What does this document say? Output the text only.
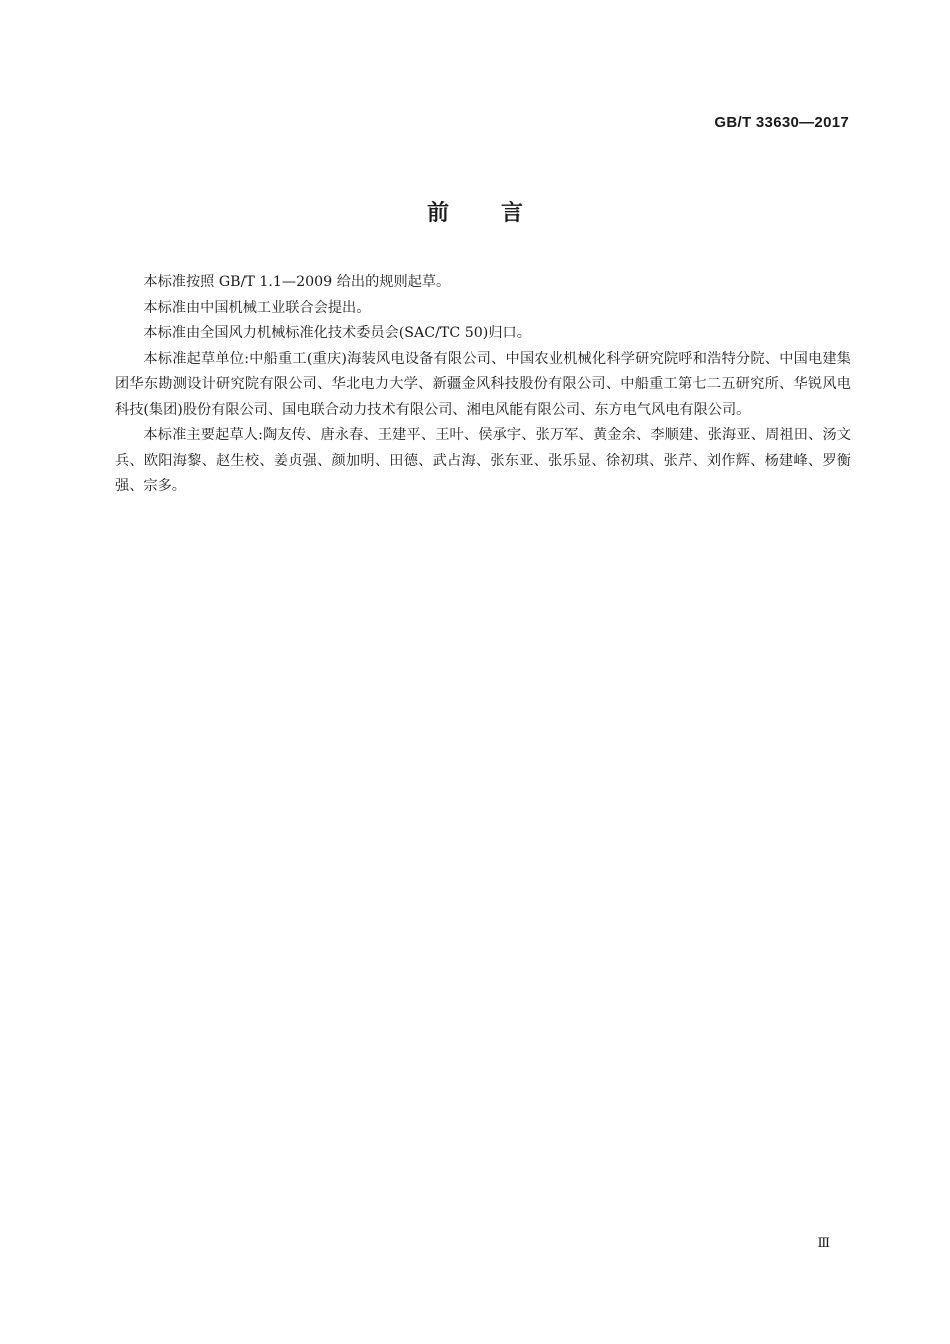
GB/T 33630—2017
前言

本标准按照 GB/T 1.1—2009 给出的规则起草。

本标准由中国机械工业联合会提出。

本标准由全国风力机械标准化技术委员会(SAC/TC 50)归口。

本标准起草单位:中船重工(重庆)海装风电设备有限公司、中国农业机械化科学研究院呼和浩特分院、中国电建集团华东勘测设计研究院有限公司、华北电力大学、新疆金风科技股份有限公司、中船重工第七二五研究所、华锐风电科技(集团)股份有限公司、国电联合动力技术有限公司、湘电风能有限公司、东方电气风电有限公司。

本标准主要起草人:陶友传、唐永春、王建平、王叶、侯承宇、张万军、黄金余、李顺建、张海亚、周祖田、汤文兵、欧阳海黎、赵生校、姜贞强、颜加明、田德、武占海、张东亚、张乐显、徐初琪、张芹、刘作辉、杨建峰、罗衡强、宗多。

Ⅲ
